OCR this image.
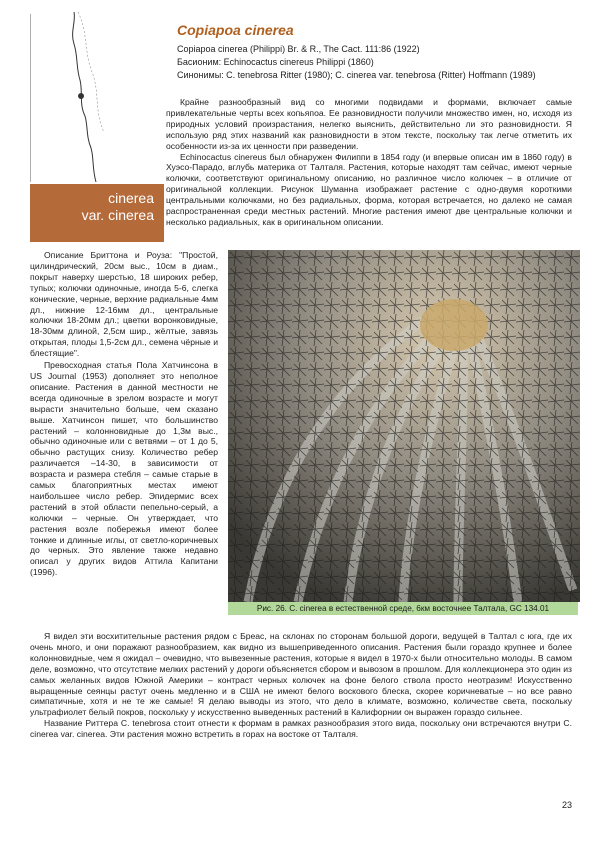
cinerea
var. cinerea
Copiapoa cinerea
Copiapoa cinerea (Philippi) Br. & R., The Cact. 111:86 (1922)
Басионим: Echinocactus cinereus Philippi (1860)
Синонимы: C. tenebrosa Ritter (1980); C. cinerea var. tenebrosa (Ritter) Hoffmann (1989)

Крайне разнообразный вид со многими подвидами и формами, включает самые привлекательные черты всех копьяпоа. Ее разновидности получили множество имен, но, исходя из природных условий произрастания, нелегко выяснить, действительно ли это разновидности. Я использую ряд этих названий как разновидности в этом тексте, поскольку так легче отметить их особенности из-за их ценности при разведении.

Echinocactus cinereus был обнаружен Филиппи в 1854 году (и впервые описан им в 1860 году) в Хуэсо-Парадо, вглубь материка от Талталя. Растения, которые находят там сейчас, имеют черные колючки, соответствуют оригинальному описанию, но различное число колючек – в отличие от оригинальной коллекции. Рисунок Шуманна изображает растение с одно-двумя короткими центральными колючками, но без радиальных, форма, которая встречается, но далеко не самая распространенная среди местных растений. Многие растения имеют две центральные колючки и несколько радиальных, как в оригинальном описании.

Рис. 26. C. cinerea в естественной среде, 6км восточнее Талтала, GC 134.01

Описание Бриттона и Роуза: "Простой, цилиндрический, 20см выс., 10см в диам., покрыт наверху шерстью, 18 широких ребер, тупых; колючки одиночные, иногда 5-6, слегка конические, черные, верхние радиальные 4мм дл., нижние 12-16мм дл., центральные колючки 18-20мм дл.; цветки воронковидные, 18-30мм длиной, 2,5см шир., жёлтые, завязь открытая, плоды 1,5-2см дл., семена чёрные и блестящие".

Превосходная статья Пола Хатчинсона в US Journal (1953) дополняет это неполное описание. Растения в данной местности не всегда одиночные в зрелом возрасте и могут вырасти значительно больше, чем сказано выше. Хатчинсон пишет, что большинство растений – колонновидные до 1,3м выс., обычно одиночные или с ветвями – от 1 до 5, обычно растущих снизу. Количество ребер различается –14-30, в зависимости от возраста и размера стебля – самые старые в самых благоприятных местах имеют наибольшее число ребер. Эпидермис всех растений в этой области пепельно-серый, а колючки – черные. Он утверждает, что растения возле побережья имеют более тонкие и длинные иглы, от светло-коричневых до черных. Это явление также недавно описал у других видов Аттила Капитани (1996).

Я видел эти восхитительные растения рядом с Бреас, на склонах по сторонам большой дороги, ведущей в Талтал с юга, где их очень много, и они поражают разнообразием, как видно из вышеприведенного описания. Растения были гораздо крупнее и более колонновидные, чем я ожидал – очевидно, что вывезенные растения, которые я видел в 1970-х были относительно молоды. В самом деле, возможно, что отсутствие мелких растений у дороги объясняется сбором и вывозом в прошлом. Для коллекционера это один из самых желанных видов Южной Америки – контраст черных колючек на фоне белого ствола просто неотразим! Искусственно выращенные сеянцы растут очень медленно и в США не имеют белого воскового блеска, скорее коричневатые – но все равно симпатичные, хотя и не те же самые! Я делаю выводы из этого, что дело в климате, возможно, количестве света, поскольку ультрафиолет белый покров, поскольку у искусственно выведенных растений в Калифорнии он выражен гораздо сильнее.

Название Риттера C. tenebrosa стоит отнести к формам в рамках разнообразия этого вида, поскольку они встречаются внутри C. cinerea var. cinerea. Эти растения можно встретить в горах на востоке от Талталя.

23
